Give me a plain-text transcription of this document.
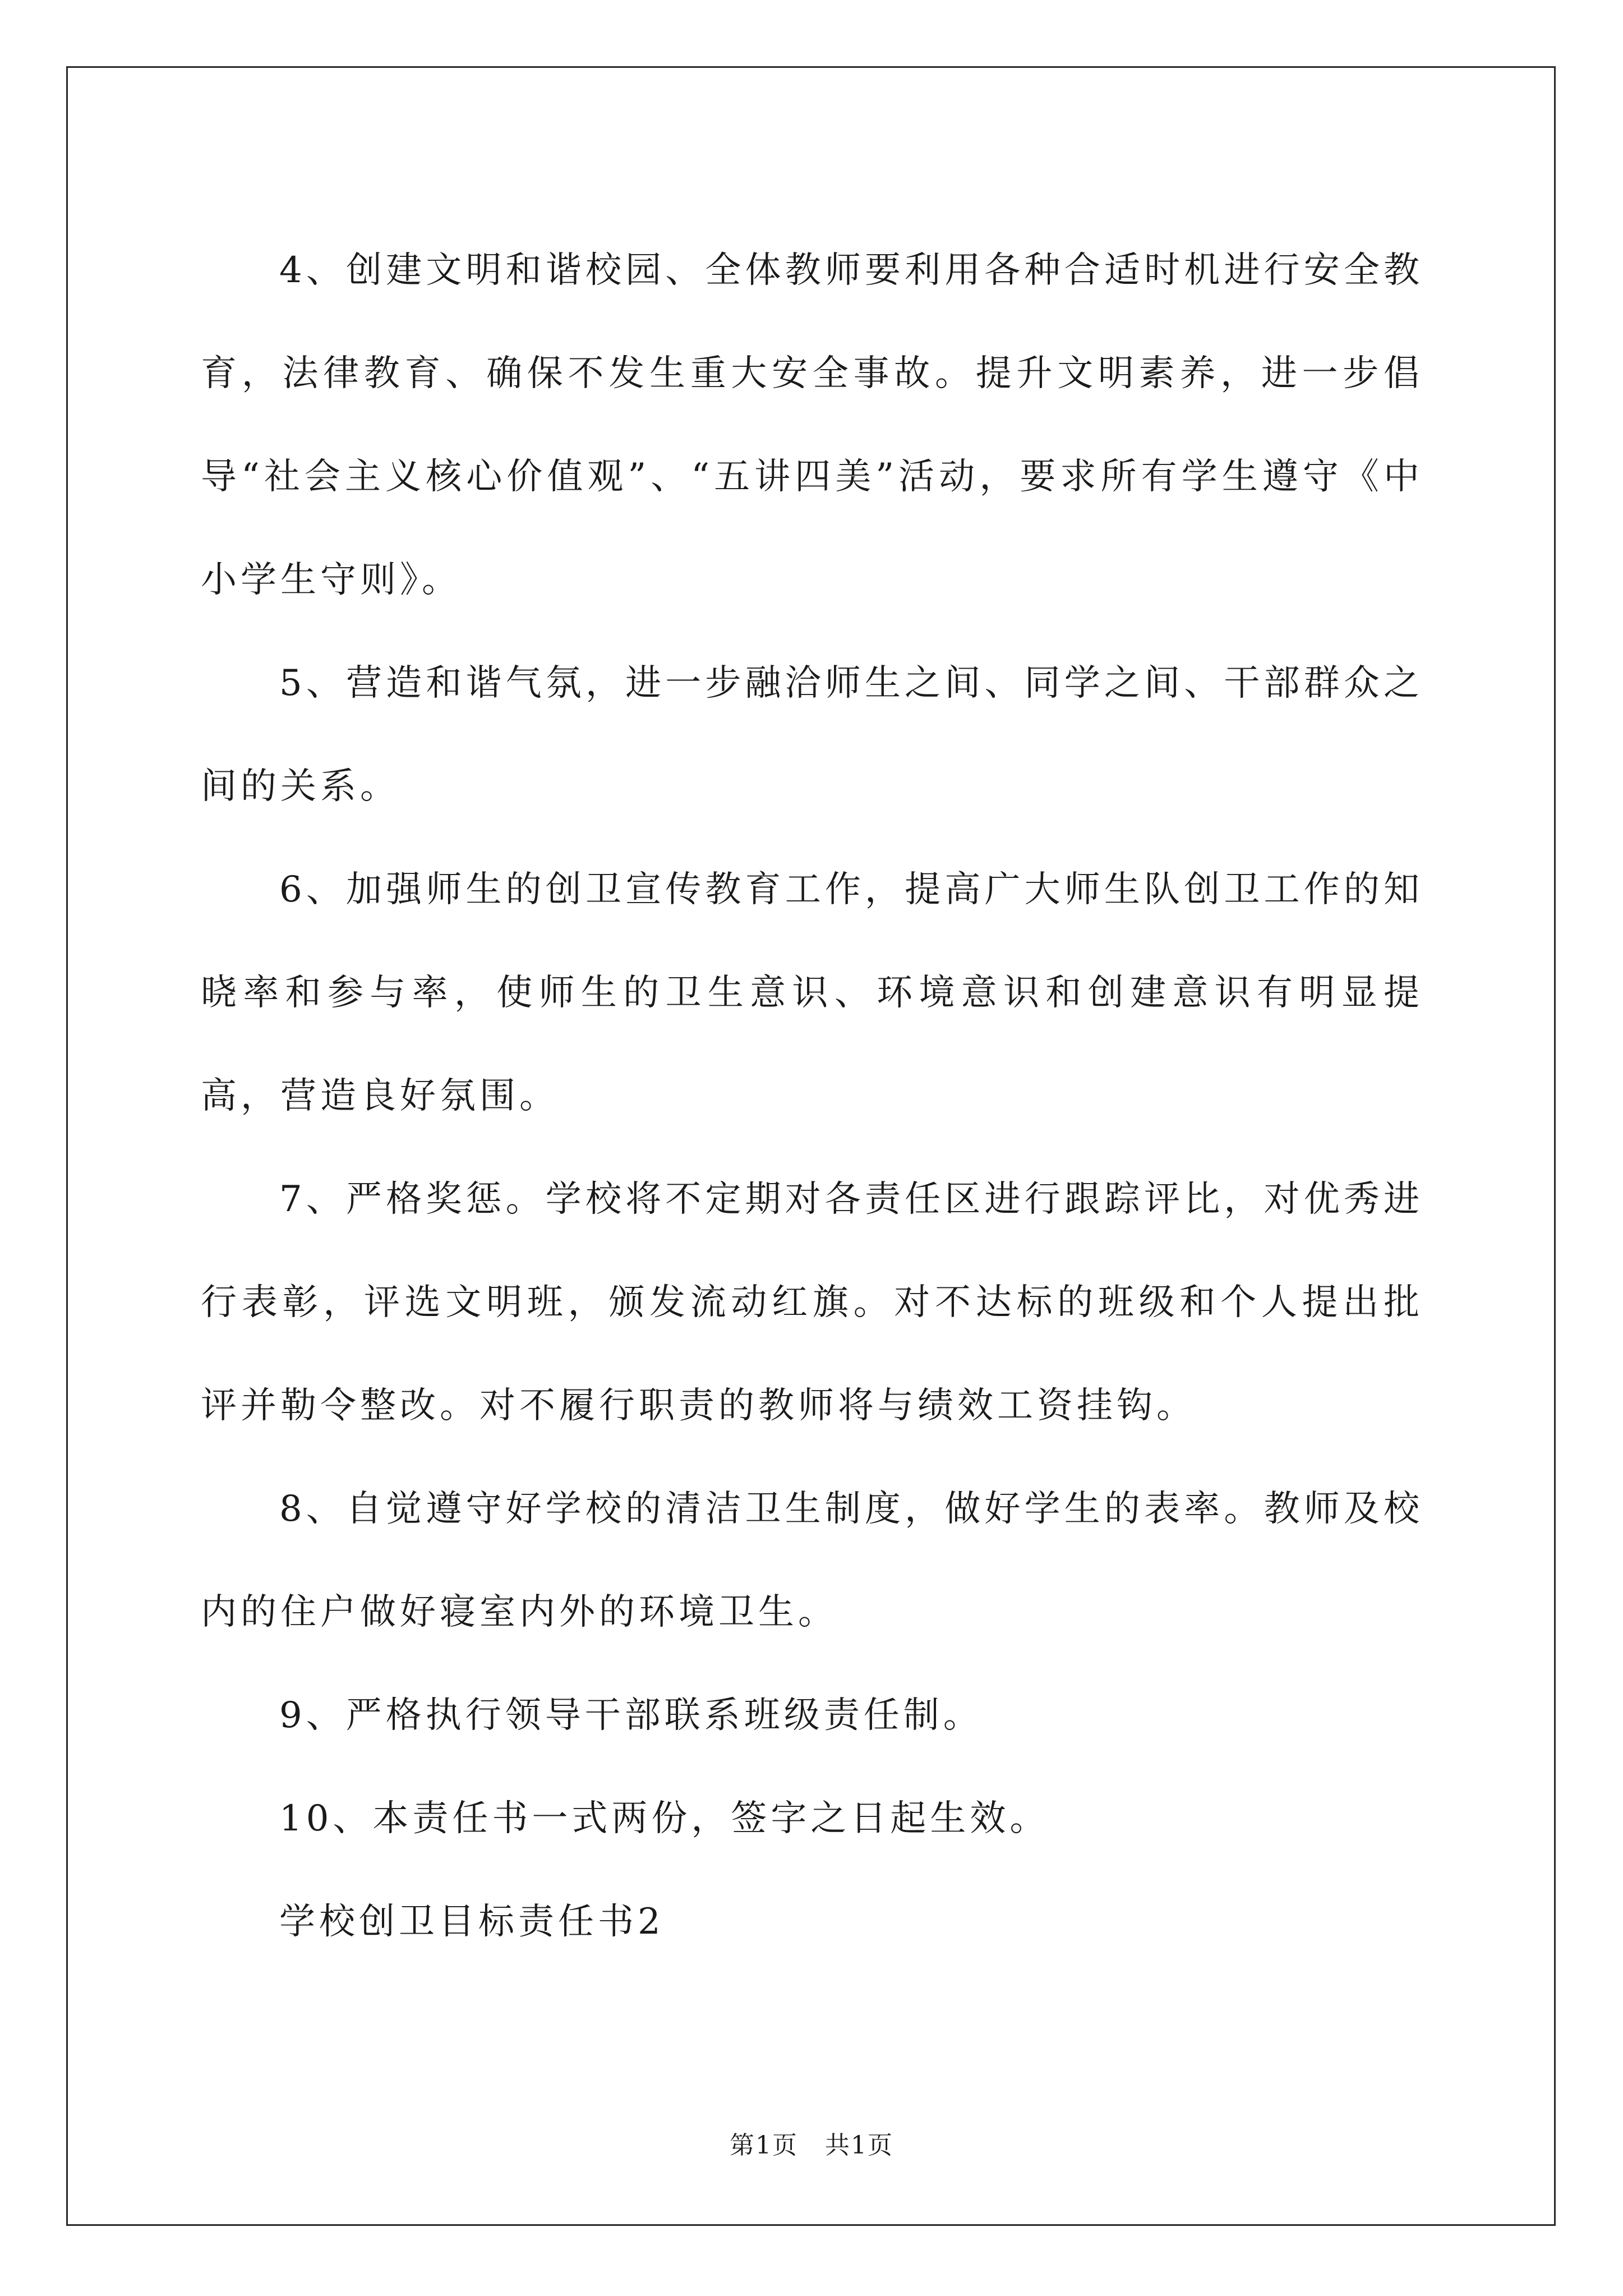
4、创建文明和谐校园、全体教师要利用各种合适时机进行安全教育，法律教育、确保不发生重大安全事故。提升文明素养，进一步倡导“社会主义核心价值观”、“五讲四美”活动，要求所有学生遵守《中小学生守则》。

5、营造和谐气氛，进一步融洽师生之间、同学之间、干部群众之间的关系。

6、加强师生的创卫宣传教育工作，提高广大师生队创卫工作的知晓率和参与率，使师生的卫生意识、环境意识和创建意识有明显提高，营造良好氛围。

7、严格奖惩。学校将不定期对各责任区进行跟踪评比，对优秀进行表彰，评选文明班，颁发流动红旗。对不达标的班级和个人提出批评并勒令整改。对不履行职责的教师将与绩效工资挂钩。

8、自觉遵守好学校的清洁卫生制度，做好学生的表率。教师及校内的住户做好寝室内外的环境卫生。

9、严格执行领导干部联系班级责任制。

10、本责任书一式两份，签字之日起生效。

学校创卫目标责任书2

第1页 共1页
